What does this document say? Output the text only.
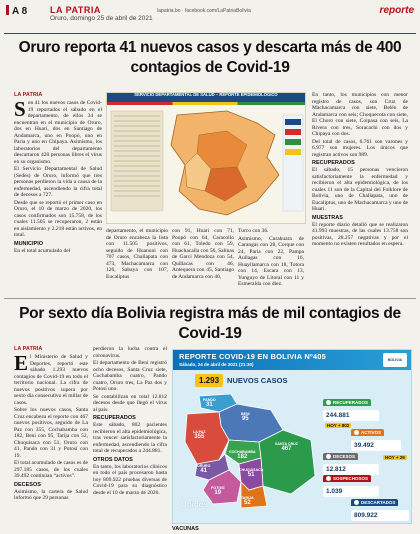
A 8	LA PATRIA
Oruro, domingo 25 de abril de 2021
lapatria.bo · facebook.com/LaPatriaBolivia	reporte
Oruro reporta 41 nuevos casos y descarta más de 400 contagios de Covid-19
LA PATRIA

Son 41 los nuevos casos de Covid-19 reportados el sábado en el departamento, de ellos 34 se encuentran en el municipio de Oruro, dos en Huari, dos en Santiago de Andamarca, uno en Poopó, uno en Paria y uno en Chipaya. Asimismo, los laboratorios del departamento descartaron 420 personas libres el virus en su organismo.

El Servicio Departamental de Salud (Sedes) de Oruro, informó que tres personas perdieron la vida a causa de la enfermedad, ascendiendo la cifra total de decesos a 727.

Desde que se reportó el primer caso en Oruro, el 10 de marzo de 2020, los casos confirmados son 15.758, de los cuales 11.505 se recuperaron, 2 están en aislamiento y 2.218 están activos, en total.

MUNICIPIO

En el total acumulado del

SERVICIO DEPARTAMENTAL DE SALUD – REPORTE EPIDEMIOLÓGICO

departamento, el municipio de Oruro encabeza la lista con 11.505 positivos, seguido de Huanuni con 707 casos, Challapata con 473, Machacamarca con 126, Sabaya con 107, Eucaliptus

con 91, Huari con 71, Poopó con 64, Caracollo con 61, Toledo con 59, Huachacalla con 56, Salinas de Garci Mendoza con 54, Quillacas con 46, Antequera con 45, Santiago de Andamarca con 40,

Turco con 36.

Asimismo, Curahuara de Carangas con 28, Corque con 24, Paria con 22, Pampa Aullagas con 16, Huayllamarca con 18, Totora con 14, Escara con 13, Yunguyo de Litoral con 11 y Esmeralda con diez.

En tanto, los municipios con menor registro de casos, son Cruz de Machacamarca con siete, Belén de Andamarca con seis; Choquecota con siete, El Choro con siete, Coipasa con seis, La Rivera con tres, Soracachi con dos y Chipaya con dos.

Del total de casos, 6.761 son varones y 6.977 son mujeres. Los únicos que registran activos son 989.

RECUPERADOS

El sábado, 15 personas vencieron satisfactoriamente la enfermedad y recibieron el alta epidemiológica, de los cuales 11 son de la Capital del Folklore de Bolivia, uno de Challapata, uno de Eucaliptus, uno de Machacamarca y uno de Huari.

MUESTRAS

El reporte diario detalló que se realizaron 41.993 muestras, de las cuales 13.758 son positivas, 28.257 negativas y por el momento no existen resultados en espera.

Por sexto día Bolivia registra más de mil contagios de Covid-19
LA PATRIA

El Ministerio de Salud y Deportes, reportó este sábado 1.293 nuevos contagios de Covid-19 en todo el territorio nacional. La cifra de nuevos positivos supera por sexto día consecutivo el millar de casos.

Sobre los nuevos casos, Santa Cruz encabeza el reporte con 467 nuevos positivos, seguido de La Paz con 355, Cochabamba con 182, Beni con 95, Tarija con 52, Chuquisaca con 51, Oruro con 41, Pando con 31 y Potosí con 19.

El total acumulado de casos es de 297.185 casos, de los cuales 39.492 continúan “activos”.

DECESOS

Asimismo, la cartera de Salud informó que 29 personas

perdieron la lucha contra el coronavirus.

El departamento de Beni registró ocho decesos, Santa Cruz siete, Cochabamba cuatro, Pando cuatro, Oruro tres, La Paz dos y Potosí uno.

Se contabilizan en total 12.812 decesos desde que llegó el virus al país.

RECUPERADOS

Este sábado, 802 pacientes recibieron el alta epidemiológica, tras vencer satisfactoriamente la enfermedad, ascendiendo la cifra total de recuperados a 244.881.

OTROS DATOS

En tanto, los laboratorios clínicos en todo el país procesaron hasta hoy 809.922 pruebas diversas de Covid-19 para su diagnóstico desde el 10 de marzo de 2020.

REPORTE COVID-19 EN BOLIVIA Nº405
Sábado, 24 de abril de 2021 (21:30)
BOLIVIA
1.293	NUEVOS CASOS
PANDO
31
BENI
95
LA PAZ
355
COCHABAMBA
182
SANTA CRUZ
467
ORURO
41
POTOSÍ
19
CHUQUISACA
51
TARIJA
52
Unidos
RECUPERADOS
244.881
HOY + 802
ACTIVOS
39.492
DECESOS
12.812
HOY + 29
SOSPECHOSOS
1.039
DESCARTADOS
809.922
VACUNAS
